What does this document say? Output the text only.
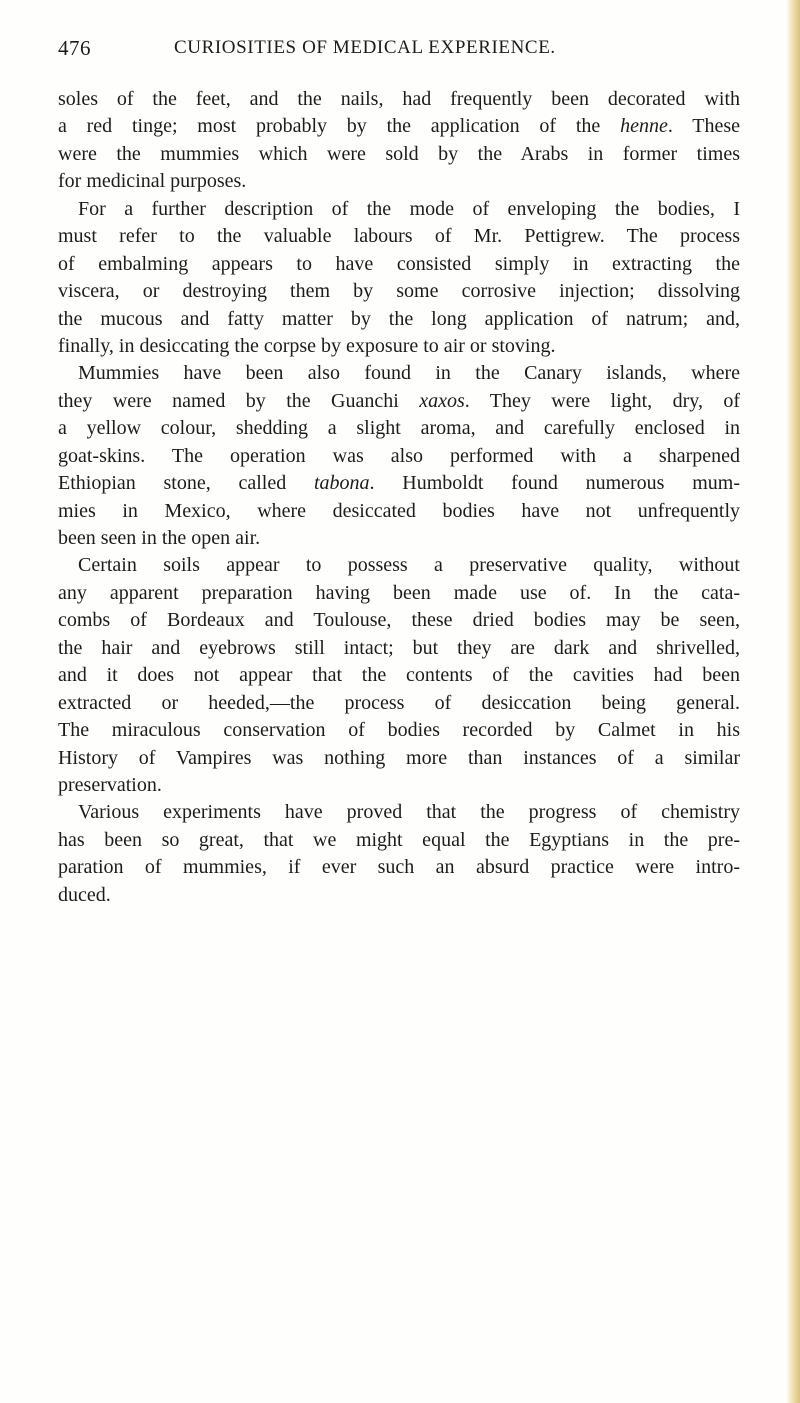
476	CURIOSITIES OF MEDICAL EXPERIENCE.
soles of the feet, and the nails, had frequently been decorated with
a red tinge; most probably by the application of the henne. These
were the mummies which were sold by the Arabs in former times
for medicinal purposes.
For a further description of the mode of enveloping the bodies, I
must refer to the valuable labours of Mr. Pettigrew. The process
of embalming appears to have consisted simply in extracting the
viscera, or destroying them by some corrosive injection; dissolving
the mucous and fatty matter by the long application of natrum; and,
finally, in desiccating the corpse by exposure to air or stoving.
Mummies have been also found in the Canary islands, where
they were named by the Guanchi xaxos. They were light, dry, of
a yellow colour, shedding a slight aroma, and carefully enclosed in
goat-skins. The operation was also performed with a sharpened
Ethiopian stone, called tabona. Humboldt found numerous mum-
mies in Mexico, where desiccated bodies have not unfrequently
been seen in the open air.
Certain soils appear to possess a preservative quality, without
any apparent preparation having been made use of. In the cata-
combs of Bordeaux and Toulouse, these dried bodies may be seen,
the hair and eyebrows still intact; but they are dark and shrivelled,
and it does not appear that the contents of the cavities had been
extracted or heeded,—the process of desiccation being general.
The miraculous conservation of bodies recorded by Calmet in his
History of Vampires was nothing more than instances of a similar
preservation.
Various experiments have proved that the progress of chemistry
has been so great, that we might equal the Egyptians in the pre-
paration of mummies, if ever such an absurd practice were intro-
duced.
